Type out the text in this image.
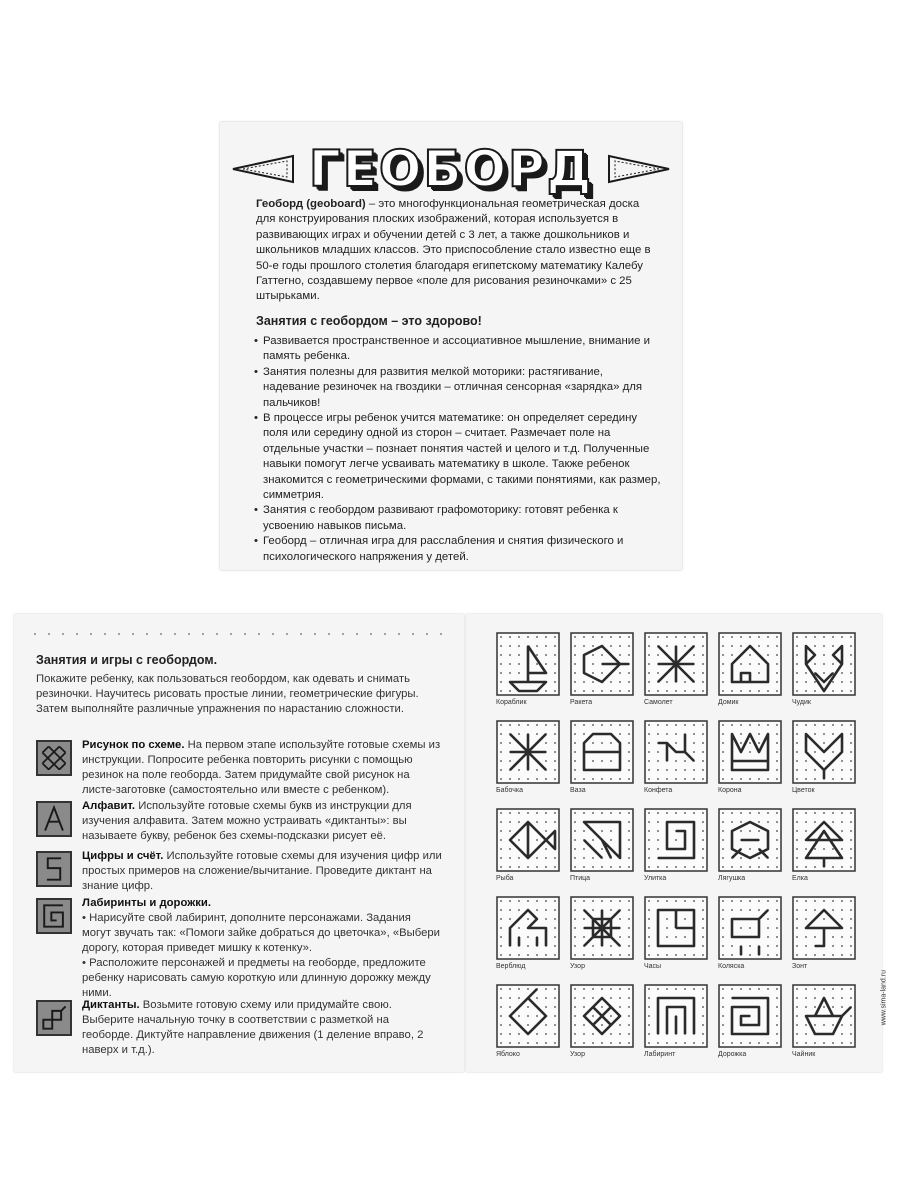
ГЕОБОРД
Геоборд (geoboard) – это многофункциональная геометрическая доска для конструирования плоских изображений, которая используется в развивающих играх и обучении детей с 3 лет, а также дошкольников и школьников младших классов. Это приспособление стало известно еще в 50-е годы прошлого столетия благодаря египетскому математику Калебу Гаттегно, создавшему первое «поле для рисования резиночками» с 25 штырьками.
Занятия с геобордом – это здорово!
• Развивается пространственное и ассоциативное мышление, внимание и память ребенка.
• Занятия полезны для развития мелкой моторики: растягивание, надевание резиночек на гвоздики – отличная сенсорная «зарядка» для пальчиков!
• В процессе игры ребенок учится математике: он определяет середину поля или середину одной из сторон – считает. Размечает поле на отдельные участки – познает понятия частей и целого и т.д. Полученные навыки помогут легче усваивать математику в школе. Также ребенок знакомится с геометрическими формами, с такими понятиями, как размер, симметрия.
• Занятия с геобордом развивают графомоторику: готовят ребенка к усвоению навыков письма.
• Геоборд – отличная игра для расслабления и снятия физического и психологического напряжения у детей.
Занятия и игры с геобордом.
Покажите ребенку, как пользоваться геобордом, как одевать и снимать резиночки. Научитесь рисовать простые линии, геометрические фигуры. Затем выполняйте различные упражнения по нарастанию сложности.
Рисунок по схеме. На первом этапе используйте готовые схемы из инструкции. Попросите ребенка повторить рисунки с помощью резинок на поле геоборда. Затем придумайте свой рисунок на листе-заготовке (самостоятельно или вместе с ребенком).
Алфавит. Используйте готовые схемы букв из инструкции для изучения алфавита. Затем можно устраивать «диктанты»: вы называете букву, ребенок без схемы-подсказки рисует её.
Цифры и счёт. Используйте готовые схемы для изучения цифр или простых примеров на сложение/вычитание. Проведите диктант на знание цифр.
Лабиринты и дорожки.
• Нарисуйте свой лабиринт, дополните персонажами. Задания могут звучать так: «Помоги зайке добраться до цветочка», «Выбери дорогу, которая приведет мишку к котенку».
• Расположите персонажей и предметы на геоборде, предложите ребенку нарисовать самую короткую или длинную дорожку между ними.
Диктанты. Возьмите готовую схему или придумайте свою. Выберите начальную точку в соответствии с разметкой на геоборде. Диктуйте направление движения (1 деление вправо, 2 наверх и т.д.).
Кораблик	Ракета	Самолет	Домик	Чудик
Бабочка	Ваза	Конфета	Корона	Цветок
Рыба	Птица	Улитка	Лягушка	Елка
Верблюд	Узор	Часы	Коляска	Зонт
Яблоко	Узор	Лабиринт	Дорожка	Чайник
www.sima-land.ru
